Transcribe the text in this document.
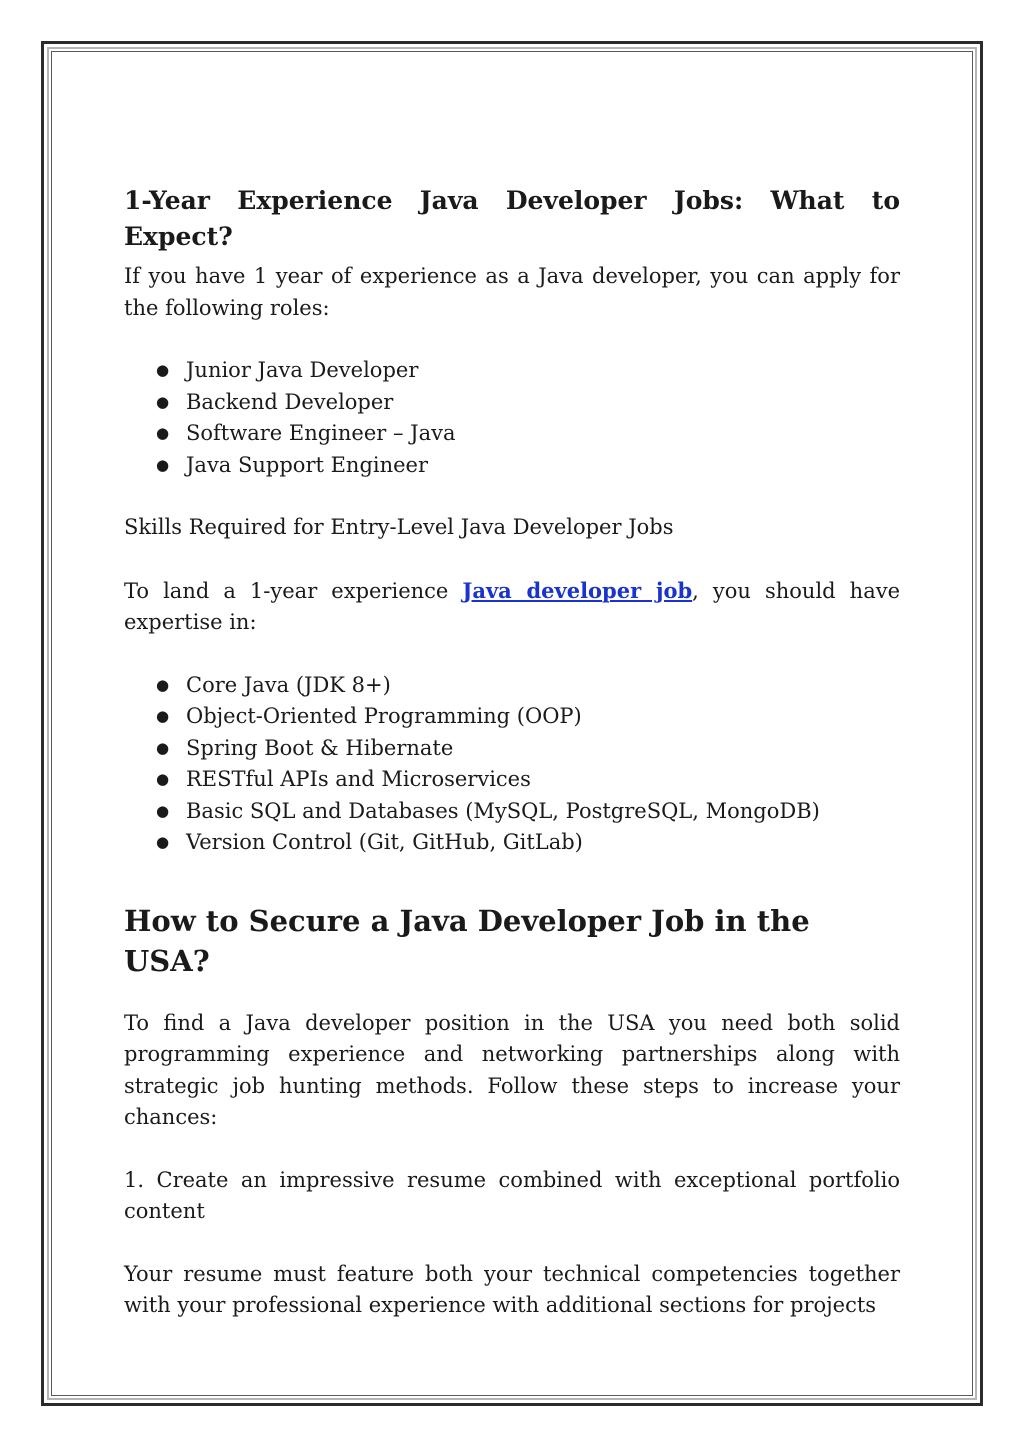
1-Year Experience Java Developer Jobs: What to Expect?

If you have 1 year of experience as a Java developer, you can apply for the following roles:

● Junior Java Developer
● Backend Developer
● Software Engineer – Java
● Java Support Engineer

Skills Required for Entry-Level Java Developer Jobs

To land a 1-year experience Java developer job, you should have expertise in:

● Core Java (JDK 8+)
● Object-Oriented Programming (OOP)
● Spring Boot & Hibernate
● RESTful APIs and Microservices
● Basic SQL and Databases (MySQL, PostgreSQL, MongoDB)
● Version Control (Git, GitHub, GitLab)
How to Secure a Java Developer Job in the USA?

To find a Java developer position in the USA you need both solid programming experience and networking partnerships along with strategic job hunting methods. Follow these steps to increase your chances:

1. Create an impressive resume combined with exceptional portfolio content

Your resume must feature both your technical competencies together with your professional experience with additional sections for projects
